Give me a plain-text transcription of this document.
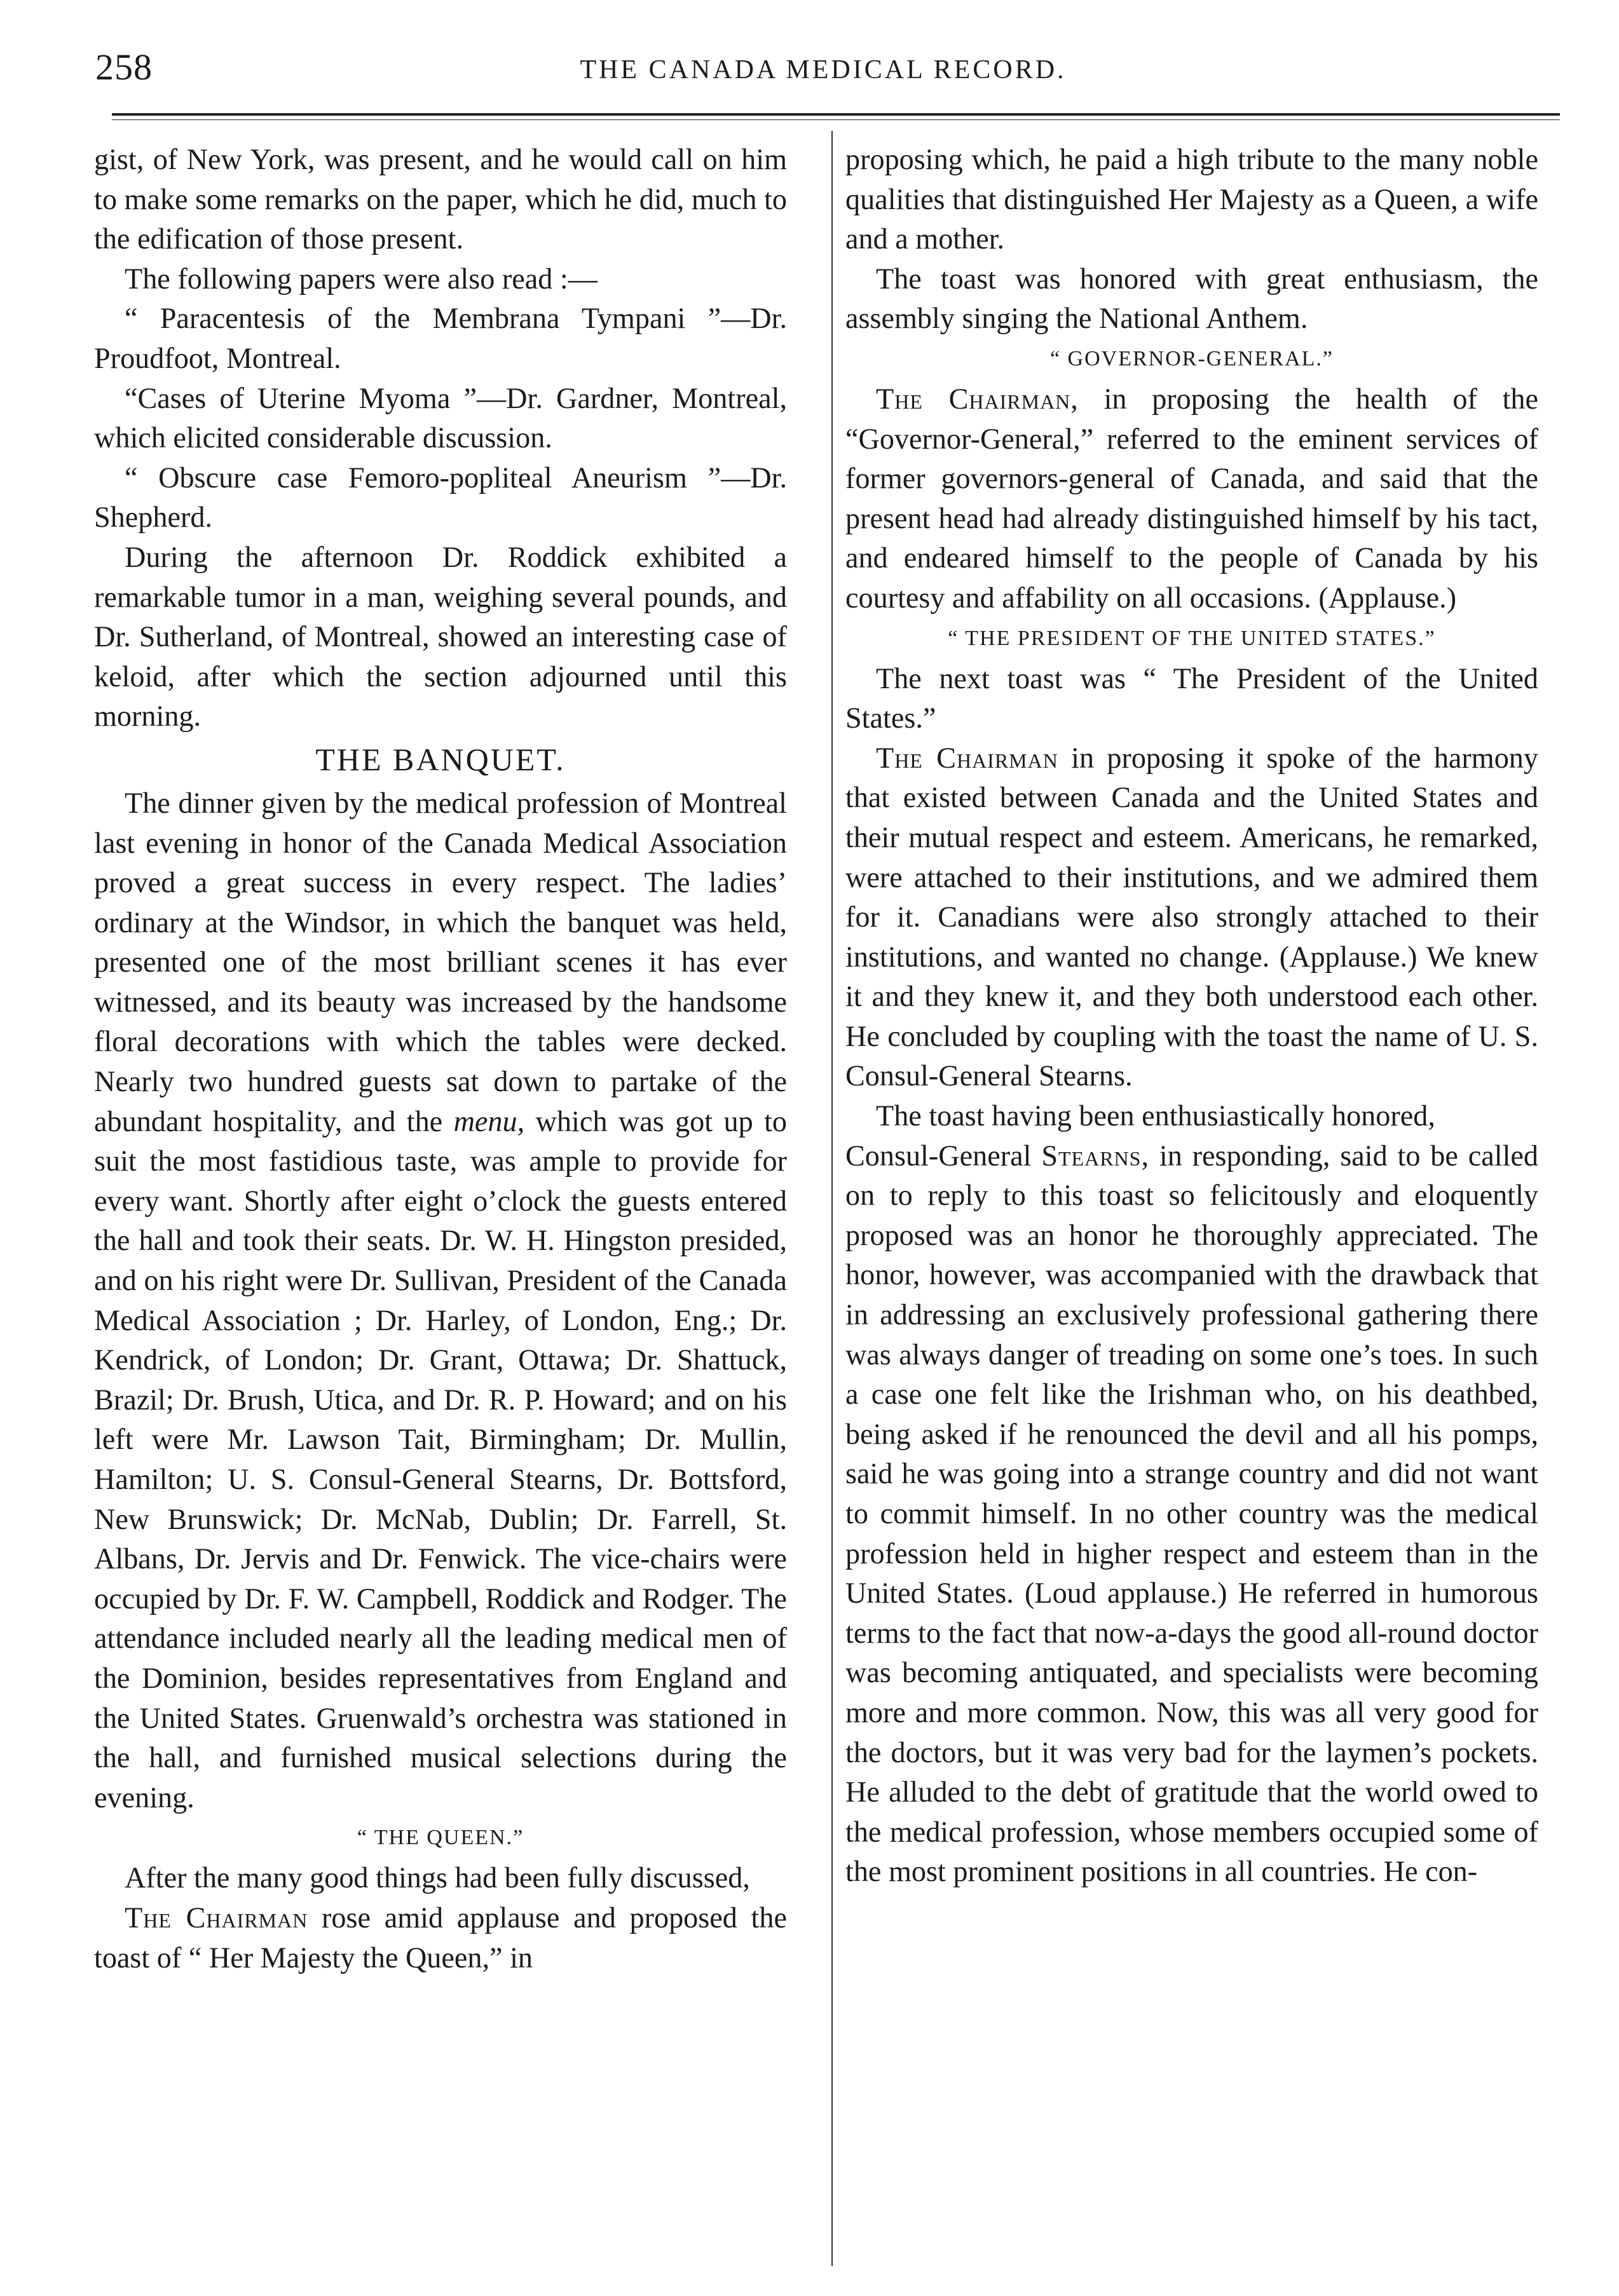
258	THE CANADA MEDICAL RECORD.

gist, of New York, was present, and he would call on him to make some remarks on the paper, which he did, much to the edification of those present.

The following papers were also read :—

“ Paracentesis of the Membrana Tympani ”—Dr. Proudfoot, Montreal.

“Cases of Uterine Myoma ”—Dr. Gardner, Montreal, which elicited considerable discussion.

“ Obscure case Femoro-popliteal Aneurism ”—Dr. Shepherd.

During the afternoon Dr. Roddick exhibited a remarkable tumor in a man, weighing several pounds, and Dr. Sutherland, of Montreal, showed an interesting case of keloid, after which the section adjourned until this morning.

THE BANQUET.

The dinner given by the medical profession of Montreal last evening in honor of the Canada Medical Association proved a great success in every respect. The ladies’ ordinary at the Windsor, in which the banquet was held, presented one of the most brilliant scenes it has ever witnessed, and its beauty was increased by the handsome floral decorations with which the tables were decked. Nearly two hundred guests sat down to partake of the abundant hospitality, and the menu, which was got up to suit the most fastidious taste, was ample to provide for every want. Shortly after eight o’clock the guests entered the hall and took their seats. Dr. W. H. Hingston presided, and on his right were Dr. Sullivan, President of the Canada Medical Association ; Dr. Harley, of London, Eng.; Dr. Kendrick, of London; Dr. Grant, Ottawa; Dr. Shattuck, Brazil; Dr. Brush, Utica, and Dr. R. P. Howard; and on his left were Mr. Lawson Tait, Birmingham; Dr. Mullin, Hamilton; U. S. Consul-General Stearns, Dr. Bottsford, New Brunswick; Dr. McNab, Dublin; Dr. Farrell, St. Albans, Dr. Jervis and Dr. Fenwick. The vice-chairs were occupied by Dr. F. W. Campbell, Roddick and Rodger. The attendance included nearly all the leading medical men of the Dominion, besides representatives from England and the United States. Gruenwald’s orchestra was stationed in the hall, and furnished musical selections during the evening.

“ THE QUEEN.”

After the many good things had been fully discussed,

The Chairman rose amid applause and proposed the toast of “ Her Majesty the Queen,” in

proposing which, he paid a high tribute to the many noble qualities that distinguished Her Majesty as a Queen, a wife and a mother.

The toast was honored with great enthusiasm, the assembly singing the National Anthem.

“ GOVERNOR-GENERAL.”

The Chairman, in proposing the health of the “Governor-General,” referred to the eminent services of former governors-general of Canada, and said that the present head had already distinguished himself by his tact, and endeared himself to the people of Canada by his courtesy and affability on all occasions. (Applause.)

“ THE PRESIDENT OF THE UNITED STATES.”

The next toast was “ The President of the United States.”

The Chairman in proposing it spoke of the harmony that existed between Canada and the United States and their mutual respect and esteem. Americans, he remarked, were attached to their institutions, and we admired them for it. Canadians were also strongly attached to their institutions, and wanted no change. (Applause.) We knew it and they knew it, and they both understood each other. He concluded by coupling with the toast the name of U. S. Consul-General Stearns.

The toast having been enthusiastically honored,

Consul-General Stearns, in responding, said to be called on to reply to this toast so felicitously and eloquently proposed was an honor he thoroughly appreciated. The honor, however, was accompanied with the drawback that in addressing an exclusively professional gathering there was always danger of treading on some one’s toes. In such a case one felt like the Irishman who, on his deathbed, being asked if he renounced the devil and all his pomps, said he was going into a strange country and did not want to commit himself. In no other country was the medical profession held in higher respect and esteem than in the United States. (Loud applause.) He referred in humorous terms to the fact that now-a-days the good all-round doctor was becoming antiquated, and specialists were becoming more and more common. Now, this was all very good for the doctors, but it was very bad for the laymen’s pockets. He alluded to the debt of gratitude that the world owed to the medical profession, whose members occupied some of the most prominent positions in all countries. He con-
